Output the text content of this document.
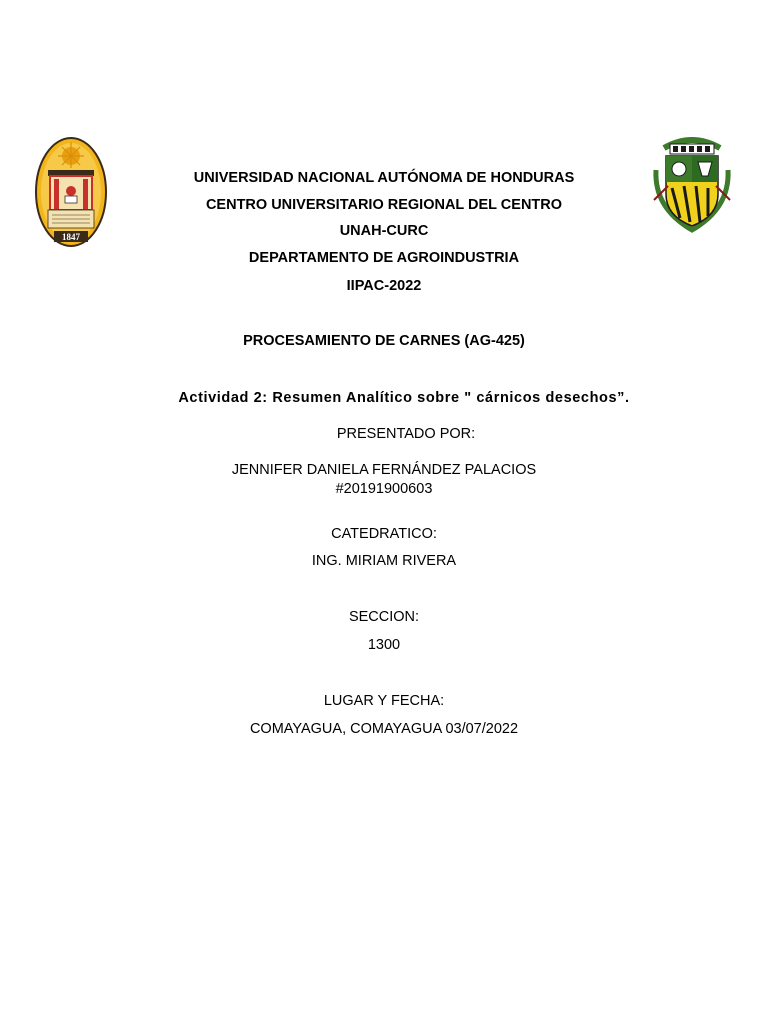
1847
UNIVERSIDAD NACIONAL AUTÓNOMA DE HONDURAS
CENTRO UNIVERSITARIO REGIONAL DEL CENTRO
UNAH-CURC
DEPARTAMENTO DE AGROINDUSTRIA
IIPAC-2022
PROCESAMIENTO DE CARNES (AG-425)
Actividad 2: Resumen Analítico sobre " cárnicos desechos”.
PRESENTADO POR:
JENNIFER DANIELA FERNÁNDEZ PALACIOS
#20191900603
CATEDRATICO:
ING. MIRIAM RIVERA
SECCION:
1300
LUGAR Y FECHA:
COMAYAGUA, COMAYAGUA 03/07/2022
